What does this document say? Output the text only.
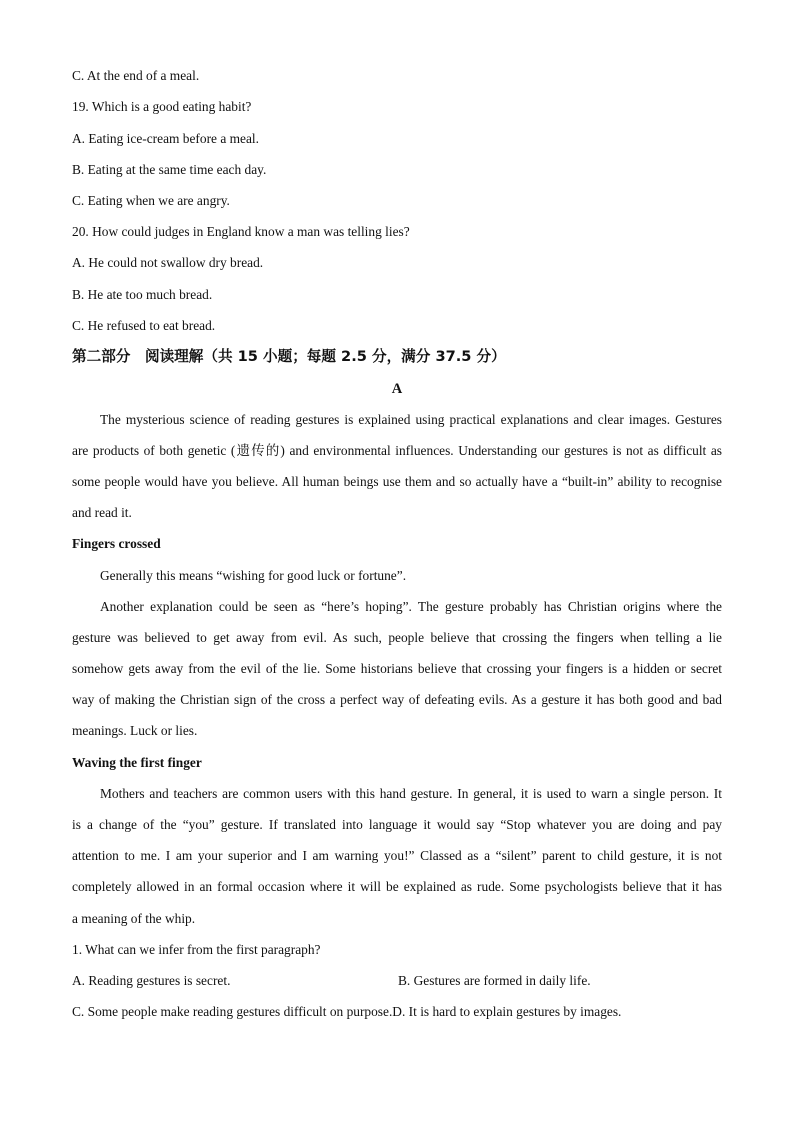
C. At the end of a meal.
19. Which is a good eating habit?
A. Eating ice-cream before a meal.
B. Eating at the same time each day.
C. Eating when we are angry.
20. How could judges in England know a man was telling lies?
A. He could not swallow dry bread.
B. He ate too much bread.
C. He refused to eat bread.
第二部分　阅读理解（共 15 小题；每题 2.5 分，满分 37.5 分）
A
The mysterious science of reading gestures is explained using practical explanations and clear images. Gestures
are products of both genetic (遗传的) and environmental influences. Understanding our gestures is not as difficult as
some people would have you believe. All human beings use them and so actually have a “built-in” ability to recognise
and read it.
Fingers crossed
Generally this means “wishing for good luck or fortune”.
Another explanation could be seen as “here’s hoping”. The gesture probably has Christian origins where the
gesture was believed to get away from evil. As such, people believe that crossing the fingers when telling a lie
somehow gets away from the evil of the lie. Some historians believe that crossing your fingers is a hidden or secret
way of making the Christian sign of the cross a perfect way of defeating evils. As a gesture it has both good and bad
meanings. Luck or lies.
Waving the first finger
Mothers and teachers are common users with this hand gesture. In general, it is used to warn a single person. It
is a change of the “you” gesture. If translated into language it would say “Stop whatever you are doing and pay
attention to me. I am your superior and I am warning you!” Classed as a “silent” parent to child gesture, it is not
completely allowed in an formal occasion where it will be explained as rude. Some psychologists believe that it has
a meaning of the whip.
1. What can we infer from the first paragraph?
A. Reading gestures is secret.	B. Gestures are formed in daily life.
C. Some people make reading gestures difficult on purpose.D. It is hard to explain gestures by images.
